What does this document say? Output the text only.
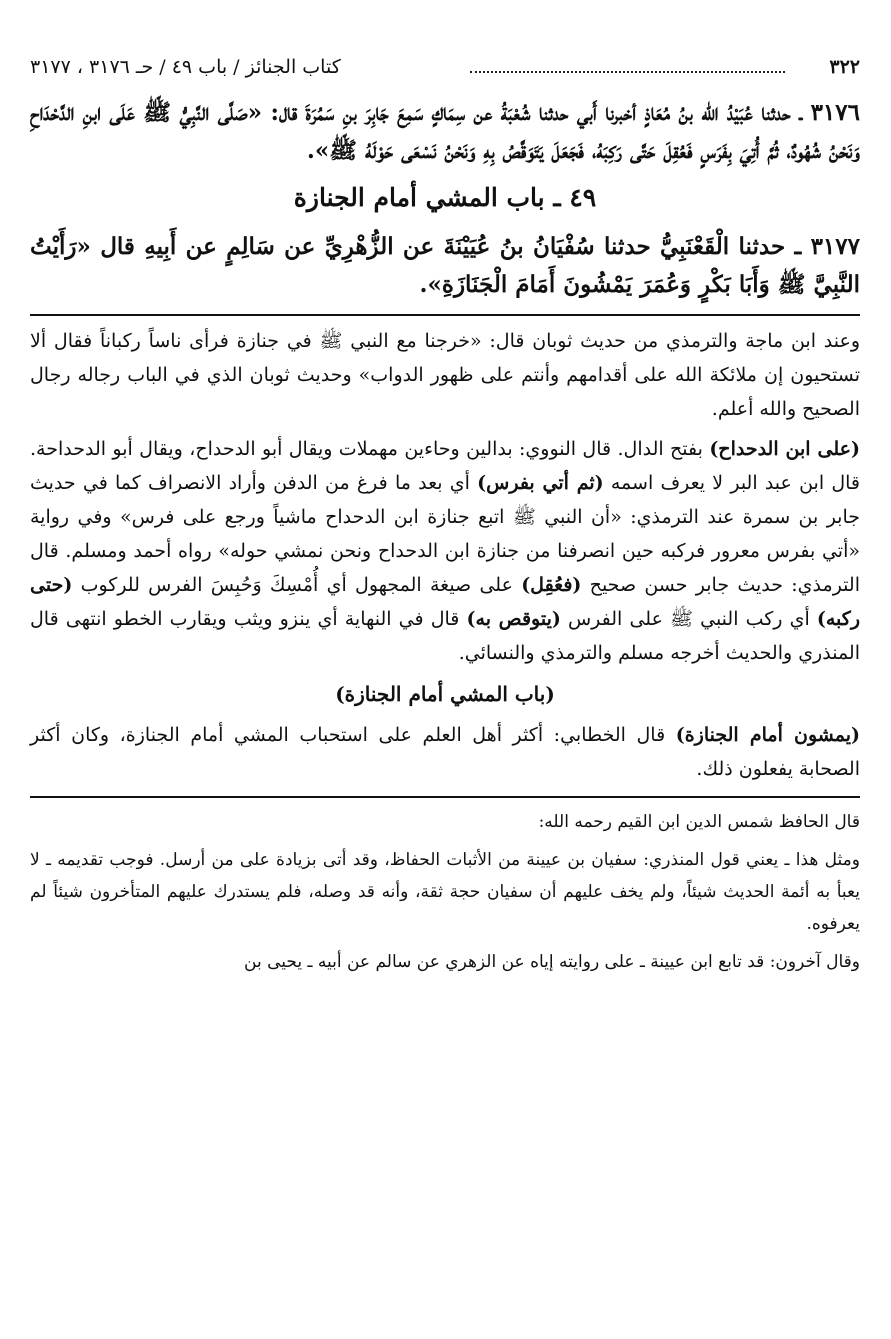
٣٢٢
كتاب الجنائز / باب ٤٩ / حـ ٣١٧٦ ، ٣١٧٧

٣١٧٦ ـ حدثنا عُبَيْدُ الله بنُ مُعَاذٍ أخبرنا أَبي حدثنا شُعْبَةُ عن سِمَاكٍ سَمِعَ جَابِرَ بنِ سَمُرَةَ قال: «صَلَّى النَّبِيُّ ﷺ عَلَى ابنِ الدَّحْدَاحِ وَنَحْنُ شُهُودٌ، ثُمَّ أُتِيَ بِفَرَسٍ فَعُقِلَ حَتَّى رَكِبَهُ، فَجَعَلَ يَتَوَقَّصُ بِهِ وَنَحْنُ نَسْعَى حَوْلَهُ ﷺ».

٤٩ ـ باب المشي أمام الجنازة

٣١٧٧ ـ حدثنا الْقَعْنَبِيُّ حدثنا سُفْيَانُ بنُ عُيَيْنَةَ عن الزُّهْرِيِّ عن سَالِمٍ عن أَبِيهِ قال «رَأَيْتُ النَّبِيَّ ﷺ وَأَبَا بَكْرٍ وَعُمَرَ يَمْشُونَ أَمَامَ الْجَنَازَةِ».

وعند ابن ماجة والترمذي من حديث ثوبان قال: «خرجنا مع النبي ﷺ في جنازة فرأى ناساً ركباناً فقال ألا تستحيون إن ملائكة الله على أقدامهم وأنتم على ظهور الدواب» وحديث ثوبان الذي في الباب رجاله رجال الصحيح والله أعلم.

(على ابن الدحداح) بفتح الدال. قال النووي: بدالين وحاءين مهملات ويقال أبو الدحداح، ويقال أبو الدحداحة. قال ابن عبد البر لا يعرف اسمه (ثم أتي بفرس) أي بعد ما فرغ من الدفن وأراد الانصراف كما في حديث جابر بن سمرة عند الترمذي: «أن النبي ﷺ اتبع جنازة ابن الدحداح ماشياً ورجع على فرس» وفي رواية «أتي بفرس معرور فركبه حين انصرفنا من جنازة ابن الدحداح ونحن نمشي حوله» رواه أحمد ومسلم. قال الترمذي: حديث جابر حسن صحيح (فعُقِل) على صيغة المجهول أي أُمْسِكَ وَحُبِسَ الفرس للركوب (حتى ركبه) أي ركب النبي ﷺ على الفرس (يتوقص به) قال في النهاية أي ينزو ويثب ويقارب الخطو انتهى قال المنذري والحديث أخرجه مسلم والترمذي والنسائي.

(باب المشي أمام الجنازة)

(يمشون أمام الجنازة) قال الخطابي: أكثر أهل العلم على استحباب المشي أمام الجنازة، وكان أكثر الصحابة يفعلون ذلك.

قال الحافظ شمس الدين ابن القيم رحمه الله:

ومثل هذا ـ يعني قول المنذري: سفيان بن عيينة من الأثبات الحفاظ، وقد أتى بزيادة على من أرسل. فوجب تقديمه ـ لا يعبأ به أئمة الحديث شيئاً، ولم يخف عليهم أن سفيان حجة ثقة، وأنه قد وصله، فلم يستدرك عليهم المتأخرون شيئاً لم يعرفوه.

وقال آخرون: قد تابع ابن عيينة ـ على روايته إياه عن الزهري عن سالم عن أبيه ـ يحيى بن
